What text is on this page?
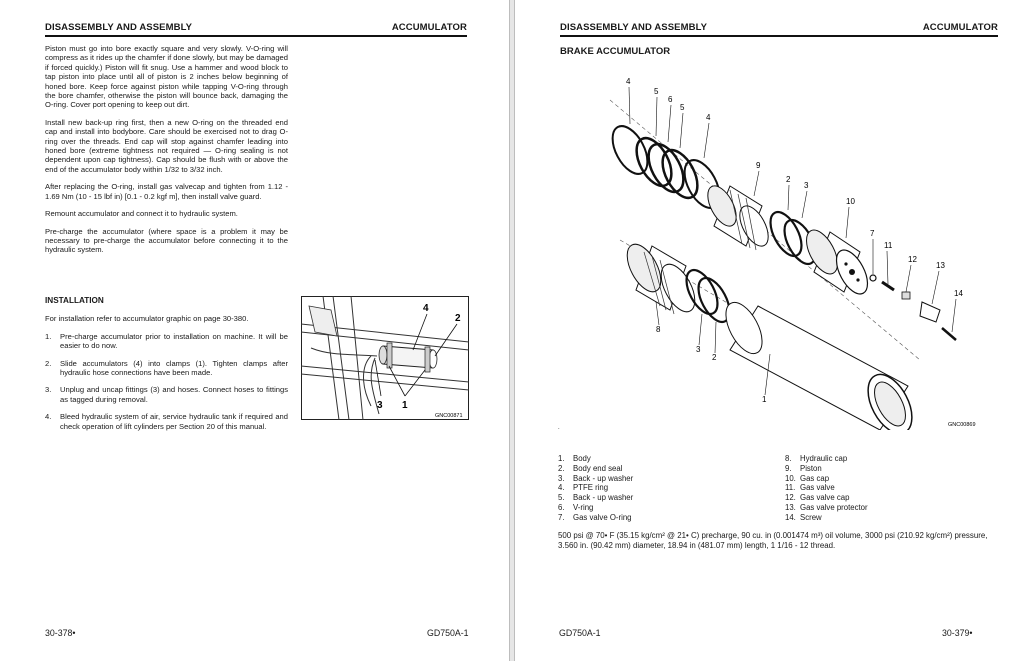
DISASSEMBLY AND ASSEMBLY	ACCUMULATOR

Piston must go into bore exactly square and very slowly. V-O-ring will compress as it rides up the chamfer if done slowly, but may be damaged if forced quickly.) Piston will fit snug. Use a hammer and wood block to tap piston into place until all of piston is 2 inches below beginning of honed bore. Keep force against piston while tapping V-O-ring through the bore chamfer, otherwise the piston will bounce back, damaging the O-ring. Cover port opening to keep out dirt.

Install new back-up ring first, then a new O-ring on the threaded end cap and install into bodybore. Care should be exercised not to drag O-ring over the threads. End cap will stop against chamfer leading into honed bore (extreme tightness not required — O-ring sealing is not dependent upon cap tightness). Cap should be flush with or above the end of the accumulator body within 1/32 to 3/32 inch.

After replacing the O-ring, install gas valvecap and tighten from 1.12 - 1.69 Nm (10 - 15 lbf in) [0.1 - 0.2 kgf m], then install valve guard.

Remount accumulator and connect it to hydraulic system.

Pre-charge the accumulator (where space is a problem it may be necessary to pre-charge the accumulator before connecting it to the hydraulic system.

INSTALLATION

For installation refer to accumulator graphic on page 30-380.

1.	Pre-charge accumulator prior to installation on machine. It will be easier to do now.
2.	Slide accumulators (4) into clamps (1). Tighten clamps after hydraulic hose connections have been made.
3.	Unplug and uncap fittings (3) and hoses. Connect hoses to fittings as tagged during removal.
4.	Bleed hydraulic system of air, service hydraulic tank if required and check operation of lift cylinders per Section 20 of this manual.
4
2
3 1
GNC00871
30-378•	GD750A-1
DISASSEMBLY AND ASSEMBLY	ACCUMULATOR
BRAKE ACCUMULATOR
4
5
6
5
4
9
2
3
10
7
11
12
13
14
8
3
2
1
GNC00869
.
1.	Body
2.	Body end seal
3.	Back - up washer
4.	PTFE ring
5.	Back - up washer
6.	V-ring
7.	Gas valve O-ring
8.	Hydraulic cap
9.	Piston
10. Gas cap
11. Gas valve
12. Gas valve cap
13. Gas valve protector
14. Screw
500 psi @ 70• F (35.15 kg/cm² @ 21• C) precharge, 90 cu. in (0.001474 m³) oil volume, 3000 psi (210.92 kg/cm²) pressure, 3.560 in. (90.42 mm) diameter, 18.94 in (481.07 mm) length, 1 1/16 - 12 thread.
GD750A-1	30-379•
